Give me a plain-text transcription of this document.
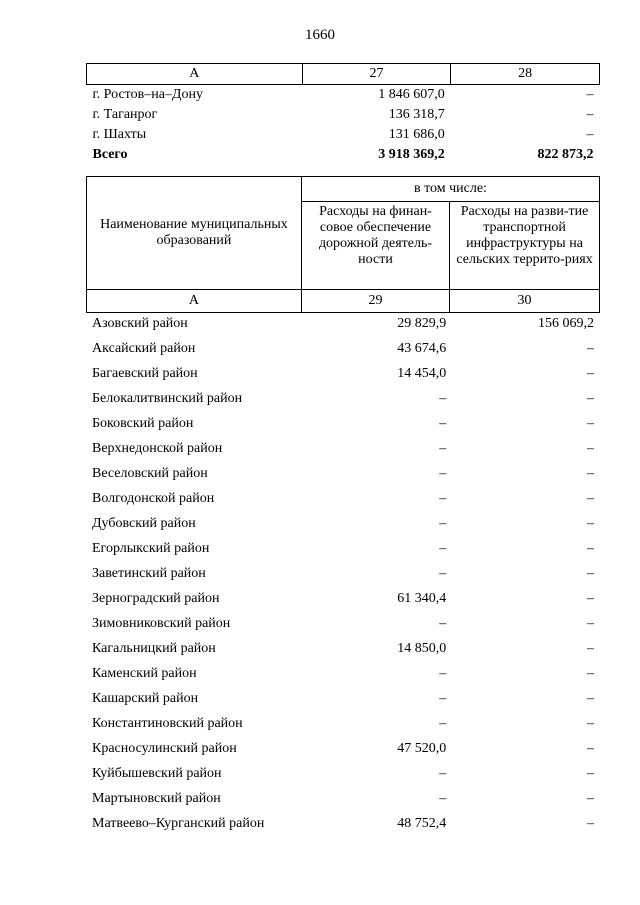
1660
А	27	28
г. Ростов–на–Дону	1 846 607,0	–
г. Таганрог	136 318,7	–
г. Шахты	131 686,0	–
Всего	3 918 369,2	822 873,2
Наименование муниципальных образований	в том числе:	
	Расходы на финан-совое обеспечение дорожной деятель-ности	Расходы на разви-тие транспортной инфраструктуры на сельских террито-риях
А	29	30
Азовский район	29 829,9	156 069,2
Аксайский район	43 674,6	–
Багаевский район	14 454,0	–
Белокалитвинский район	–	–
Боковский район	–	–
Верхнедонской район	–	–
Веселовский район	–	–
Волгодонской район	–	–
Дубовский район	–	–
Егорлыкский район	–	–
Заветинский район	–	–
Зерноградский район	61 340,4	–
Зимовниковский район	–	–
Кагальницкий район	14 850,0	–
Каменский район	–	–
Кашарский район	–	–
Константиновский район	–	–
Красносулинский район	47 520,0	–
Куйбышевский район	–	–
Мартыновский район	–	–
Матвеево–Курганский район	48 752,4	–
